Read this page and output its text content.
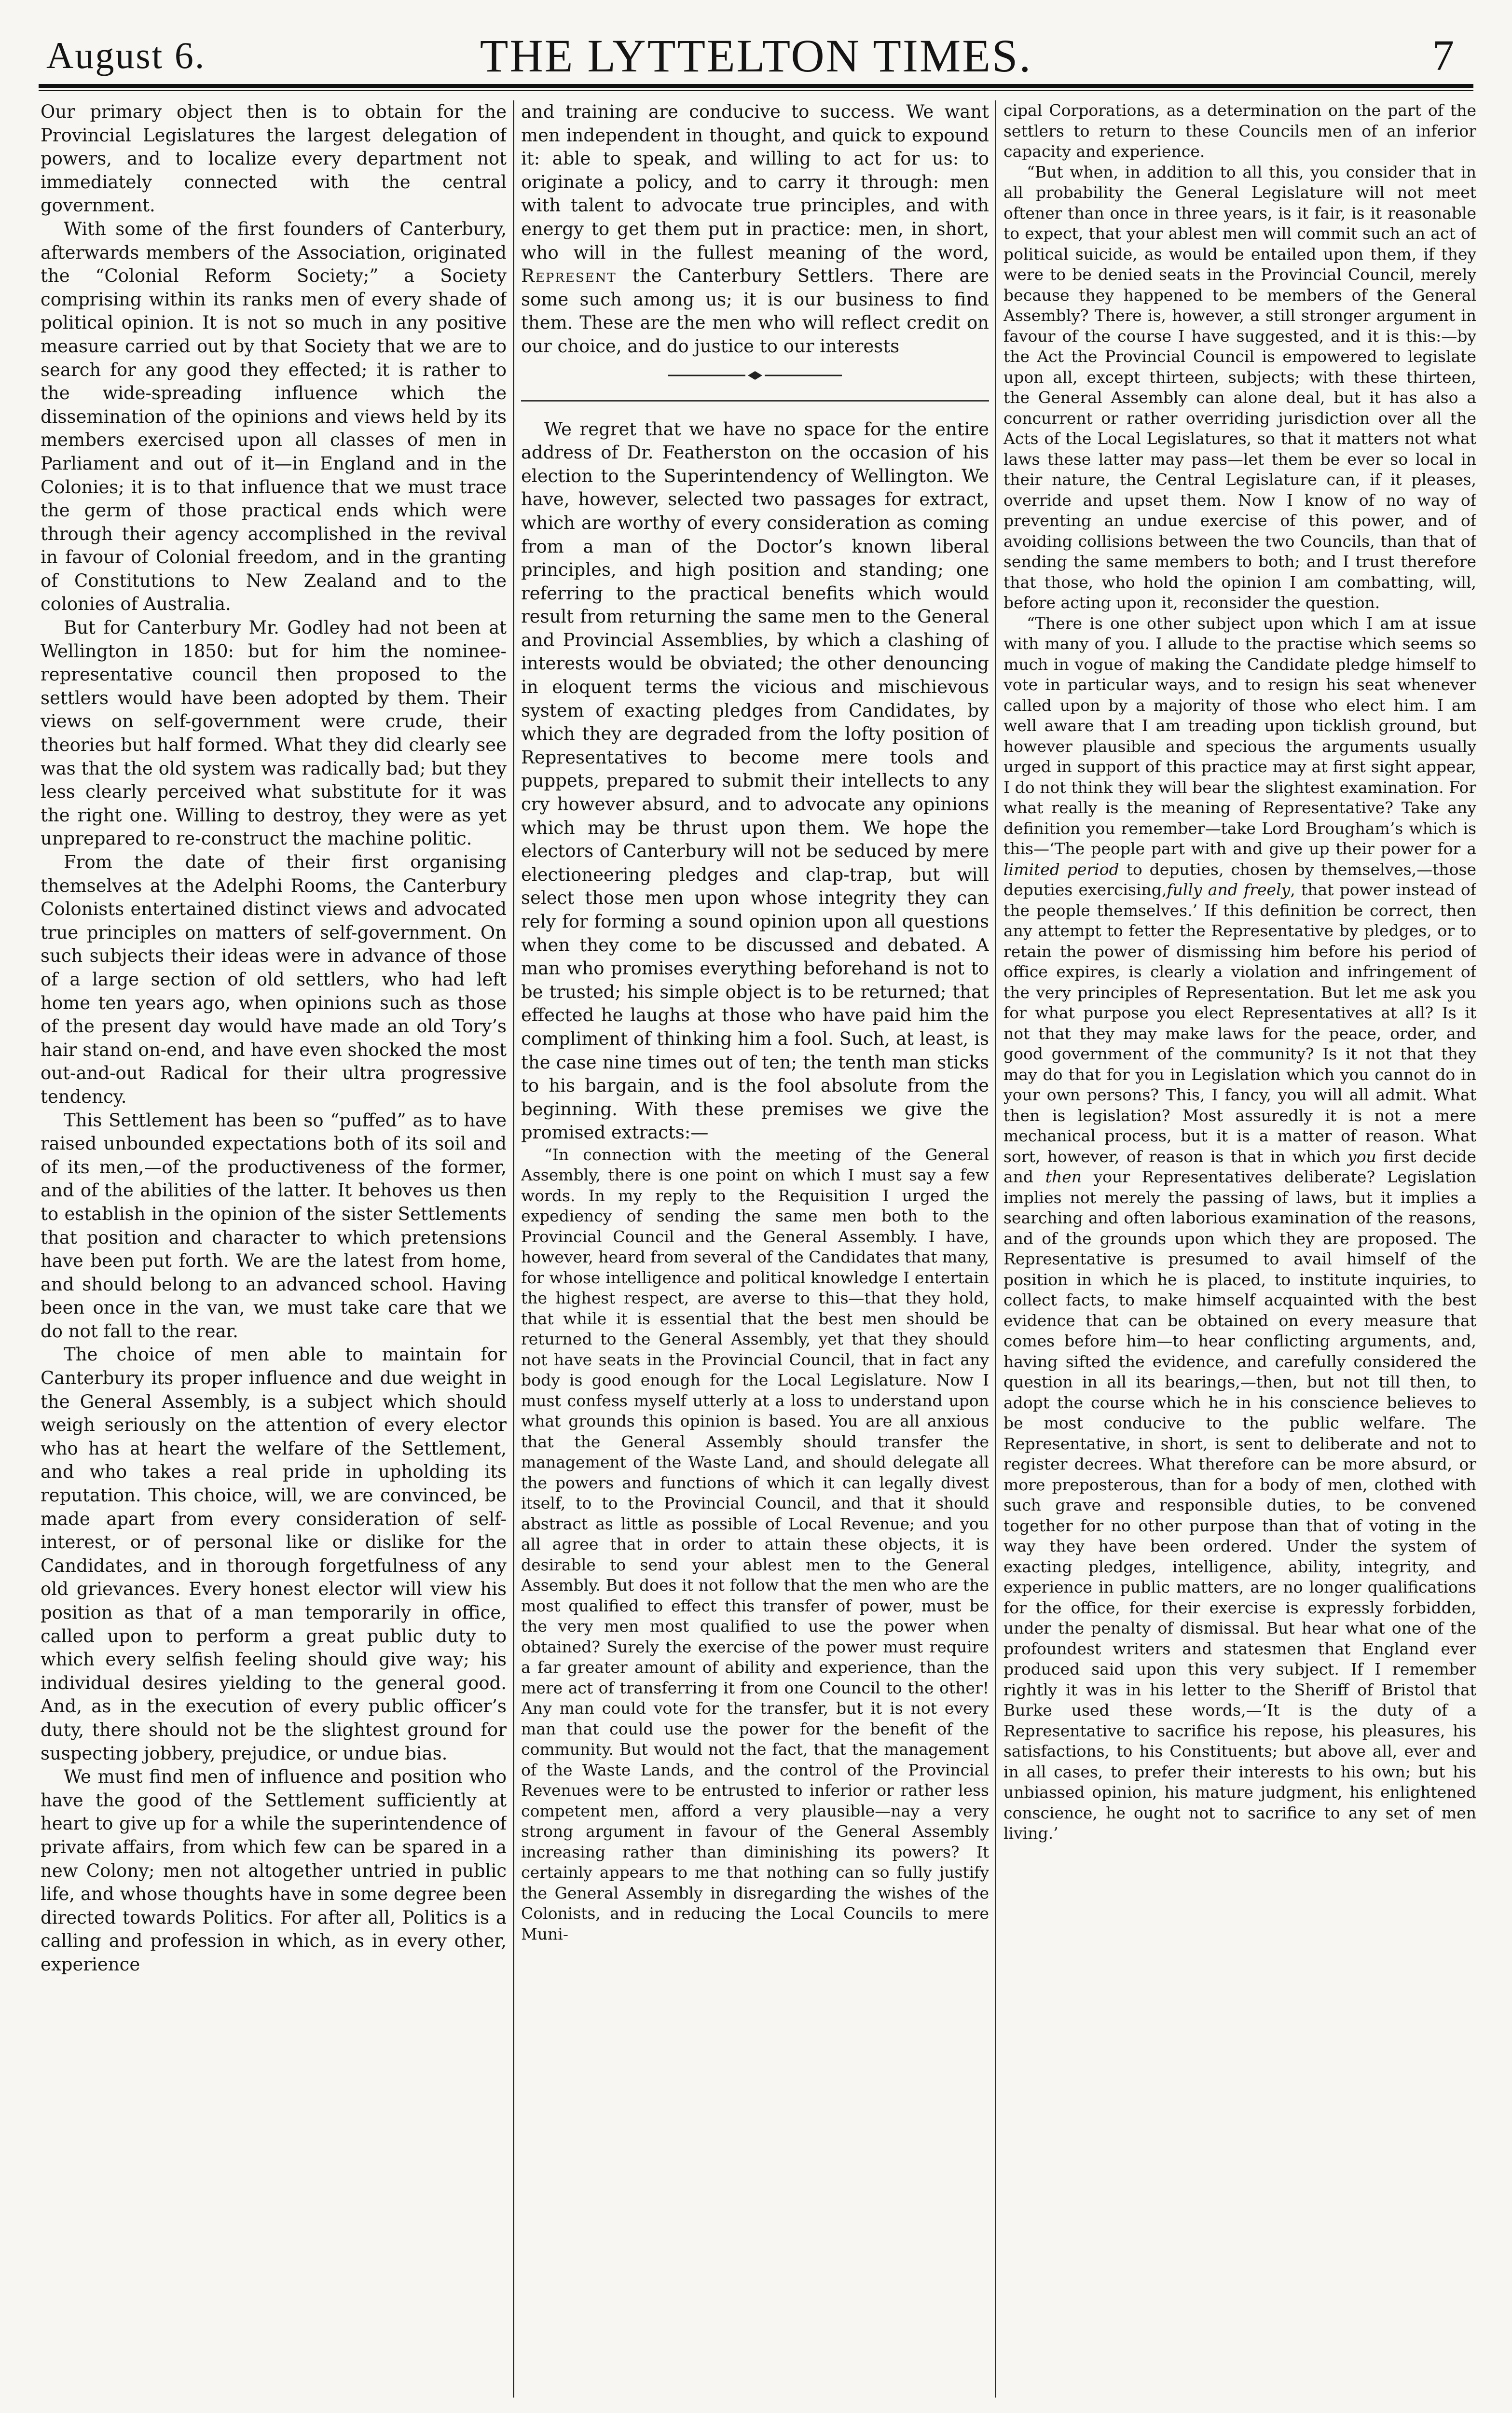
August 6.	THE LYTTELTON TIMES.	7

Our primary object then is to obtain for the Provincial Legislatures the largest delegation of powers, and to localize every department not immediately connected with the central government.

With some of the first founders of Canterbury, afterwards members of the Association, originated the “Colonial Reform Society;” a Society comprising within its ranks men of every shade of political opinion. It is not so much in any positive measure carried out by that Society that we are to search for any good they effected; it is rather to the wide-spreading influence which the dissemination of the opinions and views held by its members exercised upon all classes of men in Parliament and out of it—in England and in the Colonies; it is to that influence that we must trace the germ of those practical ends which were through their agency accomplished in the revival in favour of Colonial freedom, and in the granting of Constitutions to New Zealand and to the colonies of Australia.

But for Canterbury Mr. Godley had not been at Wellington in 1850: but for him the nominee-representative council then proposed to the settlers would have been adopted by them. Their views on self-government were crude, their theories but half formed. What they did clearly see was that the old system was radically bad; but they less clearly perceived what substitute for it was the right one. Willing to destroy, they were as yet unprepared to re-construct the machine politic.

From the date of their first organising themselves at the Adelphi Rooms, the Canterbury Colonists entertained distinct views and advocated true principles on matters of self-government. On such subjects their ideas were in advance of those of a large section of old settlers, who had left home ten years ago, when opinions such as those of the present day would have made an old Tory’s hair stand on-end, and have even shocked the most out-and-out Radical for their ultra progressive tendency.

This Settlement has been so “puffed” as to have raised unbounded expectations both of its soil and of its men,—of the productiveness of the former, and of the abilities of the latter. It behoves us then to establish in the opinion of the sister Settlements that position and character to which pretensions have been put forth. We are the latest from home, and should belong to an advanced school. Having been once in the van, we must take care that we do not fall to the rear.

The choice of men able to maintain for Canterbury its proper influence and due weight in the General Assembly, is a subject which should weigh seriously on the attention of every elector who has at heart the welfare of the Settlement, and who takes a real pride in upholding its reputation. This choice, will, we are convinced, be made apart from every consideration of self-interest, or of personal like or dislike for the Candidates, and in thorough forgetfulness of any old grievances. Every honest elector will view his position as that of a man temporarily in office, called upon to perform a great public duty to which every selfish feeling should give way; his individual desires yielding to the general good. And, as in the execution of every public officer’s duty, there should not be the slightest ground for suspecting jobbery, prejudice, or undue bias.

We must find men of influence and position who have the good of the Settlement sufficiently at heart to give up for a while the superintendence of private affairs, from which few can be spared in a new Colony; men not altogether untried in public life, and whose thoughts have in some degree been directed towards Politics. For after all, Politics is a calling and profession in which, as in every other, experience

and training are conducive to success. We want men independent in thought, and quick to expound it: able to speak, and willing to act for us: to originate a policy, and to carry it through: men with talent to advocate true principles, and with energy to get them put in practice: men, in short, who will in the fullest meaning of the word, Represent the Canterbury Settlers. There are some such among us; it is our business to find them. These are the men who will reflect credit on our choice, and do justice to our interests

We regret that we have no space for the entire address of Dr. Featherston on the occasion of his election to the Superintendency of Wellington. We have, however, selected two passages for extract, which are worthy of every consideration as coming from a man of the Doctor’s known liberal principles, and high position and standing; one referring to the practical benefits which would result from returning the same men to the General and Provincial Assemblies, by which a clashing of interests would be obviated; the other denouncing in eloquent terms the vicious and mischievous system of exacting pledges from Candidates, by which they are degraded from the lofty position of Representatives to become mere tools and puppets, prepared to submit their intellects to any cry however absurd, and to advocate any opinions which may be thrust upon them. We hope the electors of Canterbury will not be seduced by mere electioneering pledges and clap-trap, but will select those men upon whose integrity they can rely for forming a sound opinion upon all questions when they come to be discussed and debated. A man who promises everything beforehand is not to be trusted; his simple object is to be returned; that effected he laughs at those who have paid him the compliment of thinking him a fool. Such, at least, is the case nine times out of ten; the tenth man sticks to his bargain, and is the fool absolute from the beginning. With these premises we give the promised extracts:—

“In connection with the meeting of the General Assembly, there is one point on which I must say a few words. In my reply to the Requisition I urged the expediency of sending the same men both to the Provincial Council and the General Assembly. I have, however, heard from several of the Candidates that many, for whose intelligence and political knowledge I entertain the highest respect, are averse to this—that they hold, that while it is essential that the best men should be returned to the General Assembly, yet that they should not have seats in the Provincial Council, that in fact any body is good enough for the Local Legislature. Now I must confess myself utterly at a loss to understand upon what grounds this opinion is based. You are all anxious that the General Assembly should transfer the management of the Waste Land, and should delegate all the powers and functions of which it can legally divest itself, to to the Provincial Council, and that it should abstract as little as possible of Local Revenue; and you all agree that in order to attain these objects, it is desirable to send your ablest men to the General Assembly. But does it not follow that the men who are the most qualified to effect this transfer of power, must be the very men most qualified to use the power when obtained? Surely the exercise of the power must require a far greater amount of ability and experience, than the mere act of transferring it from one Council to the other! Any man could vote for the transfer, but it is not every man that could use the power for the benefit of the community. But would not the fact, that the management of the Waste Lands, and the control of the Provincial Revenues were to be entrusted to inferior or rather less competent men, afford a very plausible—nay a very strong argument in favour of the General Assembly increasing rather than diminishing its powers? It certainly appears to me that nothing can so fully justify the General Assembly in disregarding the wishes of the Colonists, and in reducing the Local Councils to mere Muni-

cipal Corporations, as a determination on the part of the settlers to return to these Councils men of an inferior capacity and experience.

“But when, in addition to all this, you consider that in all probability the General Legislature will not meet oftener than once in three years, is it fair, is it reasonable to expect, that your ablest men will commit such an act of political suicide, as would be entailed upon them, if they were to be denied seats in the Provincial Council, merely because they happened to be members of the General Assembly? There is, however, a still stronger argument in favour of the course I have suggested, and it is this:—by the Act the Provincial Council is empowered to legislate upon all, except thirteen, subjects; with these thirteen, the General Assembly can alone deal, but it has also a concurrent or rather overriding jurisdiction over all the Acts of the Local Legislatures, so that it matters not what laws these latter may pass—let them be ever so local in their nature, the Central Legislature can, if it pleases, override and upset them. Now I know of no way of preventing an undue exercise of this power, and of avoiding collisions between the two Councils, than that of sending the same members to both; and I trust therefore that those, who hold the opinion I am combatting, will, before acting upon it, reconsider the question.

“There is one other subject upon which I am at issue with many of you. I allude to the practise which seems so much in vogue of making the Candidate pledge himself to vote in particular ways, and to resign his seat whenever called upon by a majority of those who elect him. I am well aware that I am treading upon ticklish ground, but however plausible and specious the arguments usually urged in support of this practice may at first sight appear, I do not think they will bear the slightest examination. For what really is the meaning of Representative? Take any definition you remember—take Lord Brougham’s which is this—‘The people part with and give up their power for a limited period to deputies, chosen by themselves,—those deputies exercising,fully and freely, that power instead of the people themselves.’ If this definition be correct, then any attempt to fetter the Representative by pledges, or to retain the power of dismissing him before his period of office expires, is clearly a violation and infringement of the very principles of Representation. But let me ask you for what purpose you elect Representatives at all? Is it not that they may make laws for the peace, order, and good government of the community? Is it not that they may do that for you in Legislation which you cannot do in your own persons? This, I fancy, you will all admit. What then is legislation? Most assuredly it is not a mere mechanical process, but it is a matter of reason. What sort, however, of reason is that in which you first decide and then your Representatives deliberate? Legislation implies not merely the passing of laws, but it implies a searching and often laborious examination of the reasons, and of the grounds upon which they are proposed. The Representative is presumed to avail himself of the position in which he is placed, to institute inquiries, to collect facts, to make himself acquainted with the best evidence that can be obtained on every measure that comes before him—to hear conflicting arguments, and, having sifted the evidence, and carefully considered the question in all its bearings,—then, but not till then, to adopt the course which he in his conscience believes to be most conducive to the public welfare. The Representative, in short, is sent to deliberate and not to register decrees. What therefore can be more absurd, or more preposterous, than for a body of men, clothed with such grave and responsible duties, to be convened together for no other purpose than that of voting in the way they have been ordered. Under the system of exacting pledges, intelligence, ability, integrity, and experience in public matters, are no longer qualifications for the office, for their exercise is expressly forbidden, under the penalty of dismissal. But hear what one of the profoundest writers and statesmen that England ever produced said upon this very subject. If I remember rightly it was in his letter to the Sheriff of Bristol that Burke used these words,—‘It is the duty of a Representative to sacrifice his repose, his pleasures, his satisfactions, to his Constituents; but above all, ever and in all cases, to prefer their interests to his own; but his unbiassed opinion, his mature judgment, his enlightened conscience, he ought not to sacrifice to any set of men living.’
